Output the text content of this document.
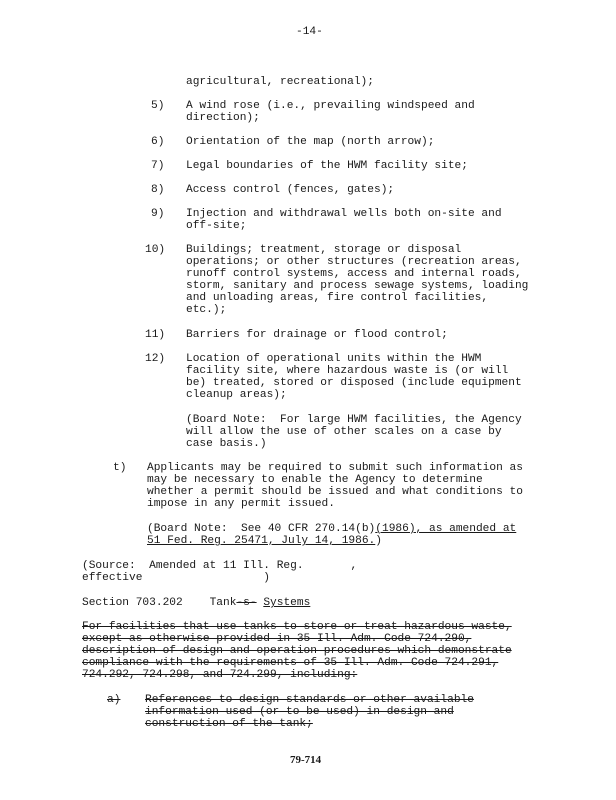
-14-
agricultural, recreational);
5) A wind rose (i.e., prevailing windspeed and
direction);
6) Orientation of the map (north arrow);
7) Legal boundaries of the HWM facility site;
8) Access control (fences, gates);
9) Injection and withdrawal wells both on-site and
off-site;
10) Buildings; treatment, storage or disposal
operations; or other structures (recreation areas,
runoff control systems, access and internal roads,
storm, sanitary and process sewage systems, loading
and unloading areas, fire control facilities,
etc.);
11) Barriers for drainage or flood control;
12) Location of operational units within the HWM
facility site, where hazardous waste is (or will
be) treated, stored or disposed (include equipment
cleanup areas);
(Board Note:  For large HWM facilities, the Agency
will allow the use of other scales on a case by
case basis.)
t) Applicants may be required to submit such information as
may be necessary to enable the Agency to determine
whether a permit should be issued and what conditions to
impose in any permit issued.
(Board Note:  See 40 CFR 270.14(b)(1986), as amended at
51 Fed. Reg. 25471, July 14, 1986.)
(Source:  Amended at 11 Ill. Reg.       ,
effective                  )
Section 703.202 Tank-s- Systems
For facilities that use tanks to store or treat hazardous waste,
except as otherwise provided in 35 Ill. Adm. Code 724.290,
description of design and operation procedures which demonstrate
compliance with the requirements of 35 Ill. Adm. Code 724.291,
724.292, 724.298, and 724.299, including:
a) References to design standards or other available
information used (or to be used) in design and
construction of the tank;
79-714
